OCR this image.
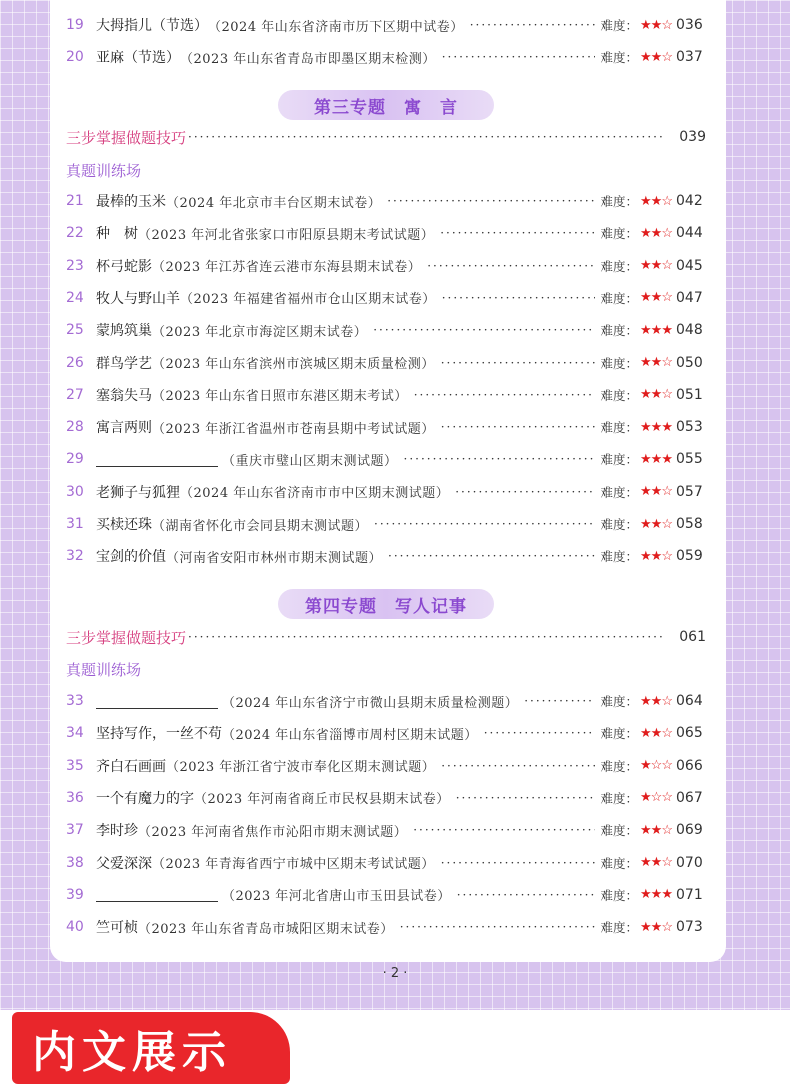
19 大拇指儿（节选） （2024 年山东省济南市历下区期中试卷） ·····	难度： ★★☆ 036
20 亚麻（节选） （2023 年山东省青岛市即墨区期末检测） ·····	难度： ★★☆ 037
第三专题　寓　言
三步掌握做题技巧 ·····	039
真题训练场
21 最棒的玉米 （2024 年北京市丰台区期末试卷） ·····	难度： ★★☆ 042
22 种　树 （2023 年河北省张家口市阳原县期末考试试题） ·····	难度： ★★☆ 044
23 杯弓蛇影 （2023 年江苏省连云港市东海县期末试卷） ·····	难度： ★★☆ 045
24 牧人与野山羊 （2023 年福建省福州市仓山区期末试卷） ·····	难度： ★★☆ 047
25 蒙鸠筑巢 （2023 年北京市海淀区期末试卷） ·····	难度： ★★★ 048
26 群鸟学艺 （2023 年山东省滨州市滨城区期末质量检测） ·····	难度： ★★☆ 050
27 塞翁失马 （2023 年山东省日照市东港区期末考试） ·····	难度： ★★☆ 051
28 寓言两则 （2023 年浙江省温州市苍南县期中考试试题） ·····	难度： ★★★ 053
29	（重庆市璧山区期末测试题） ·····	难度： ★★★ 055
30 老狮子与狐狸 （2024 年山东省济南市市中区期末测试题） ·····	难度： ★★☆ 057
31 买椟还珠 （湖南省怀化市会同县期末测试题） ·····	难度： ★★☆ 058
32 宝剑的价值 （河南省安阳市林州市期末测试题） ·····	难度： ★★☆ 059
第四专题　写人记事
三步掌握做题技巧 ·····	061
真题训练场
33	（2024 年山东省济宁市微山县期末质量检测题） ·····	难度： ★★☆ 064
34 坚持写作，一丝不苟 （2024 年山东省淄博市周村区期末试题） ·····	难度： ★★☆ 065
35 齐白石画画 （2023 年浙江省宁波市奉化区期末测试题） ·····	难度： ★☆☆ 066
36 一个有魔力的字 （2023 年河南省商丘市民权县期末试卷） ·····	难度： ★☆☆ 067
37 李时珍 （2023 年河南省焦作市沁阳市期末测试题） ·····	难度： ★★☆ 069
38 父爱深深 （2023 年青海省西宁市城中区期末考试试题） ·····	难度： ★★☆ 070
39	（2023 年河北省唐山市玉田县试卷） ·····	难度： ★★★ 071
40 竺可桢 （2023 年山东省青岛市城阳区期末试卷） ·····	难度： ★★☆ 073
· 2 ·
内文展示
